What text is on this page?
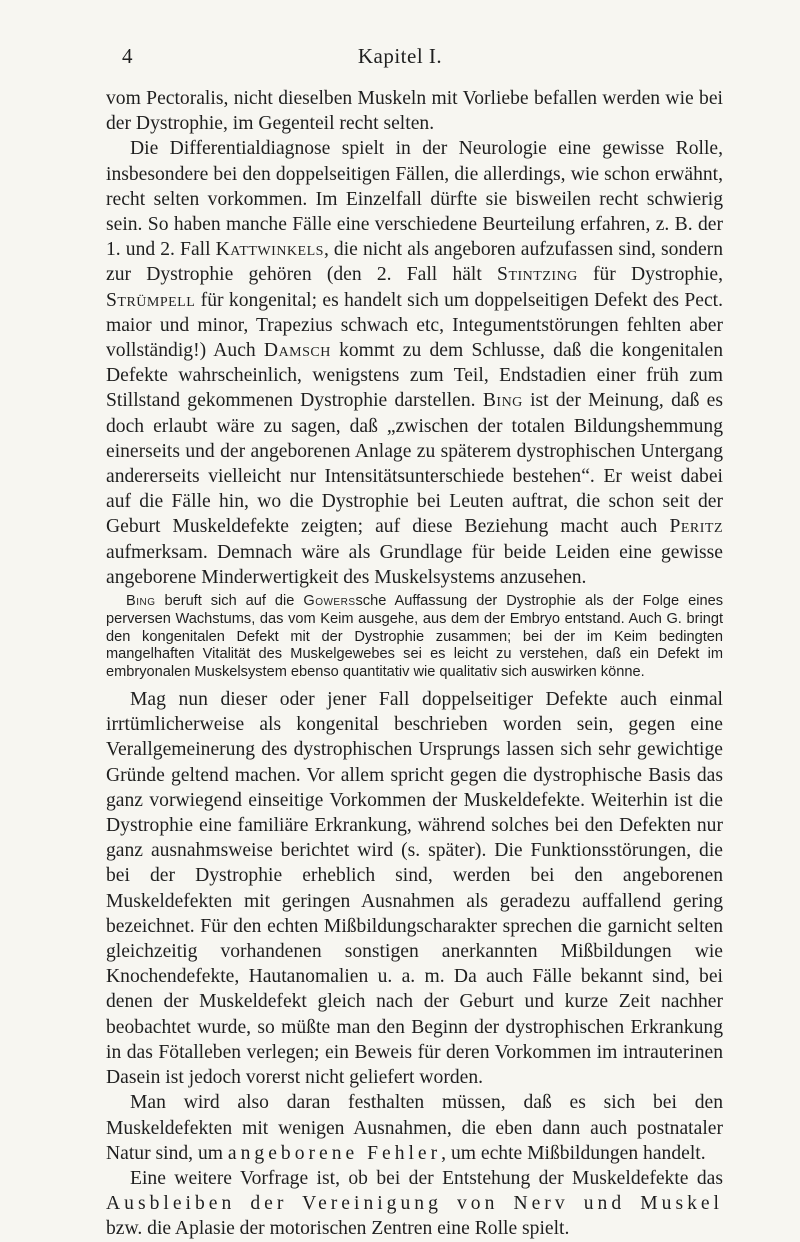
4	Kapitel I.

vom Pectoralis, nicht dieselben Muskeln mit Vorliebe befallen werden wie bei der Dystrophie, im Gegenteil recht selten.

Die Differentialdiagnose spielt in der Neurologie eine gewisse Rolle, insbesondere bei den doppelseitigen Fällen, die allerdings, wie schon erwähnt, recht selten vorkommen. Im Einzelfall dürfte sie bisweilen recht schwierig sein. So haben manche Fälle eine verschiedene Beurteilung erfahren, z. B. der 1. und 2. Fall Kattwinkels, die nicht als angeboren aufzufassen sind, sondern zur Dystrophie gehören (den 2. Fall hält Stintzing für Dystrophie, Strümpell für kongenital; es handelt sich um doppelseitigen Defekt des Pect. maior und minor, Trapezius schwach etc, Integumentstörungen fehlten aber vollständig!) Auch Damsch kommt zu dem Schlusse, daß die kongenitalen Defekte wahrscheinlich, wenigstens zum Teil, Endstadien einer früh zum Stillstand gekommenen Dystrophie darstellen. Bing ist der Meinung, daß es doch erlaubt wäre zu sagen, daß „zwischen der totalen Bildungshemmung einerseits und der angeborenen Anlage zu späterem dystrophischen Untergang andererseits vielleicht nur Intensitätsunterschiede bestehen“. Er weist dabei auf die Fälle hin, wo die Dystrophie bei Leuten auftrat, die schon seit der Geburt Muskeldefekte zeigten; auf diese Beziehung macht auch Peritz aufmerksam. Demnach wäre als Grundlage für beide Leiden eine gewisse angeborene Minderwertigkeit des Muskelsystems anzusehen.

Bing beruft sich auf die Gowerssche Auffassung der Dystrophie als der Folge eines perversen Wachstums, das vom Keim ausgehe, aus dem der Embryo entstand. Auch G. bringt den kongenitalen Defekt mit der Dystrophie zusammen; bei der im Keim bedingten mangelhaften Vitalität des Muskelgewebes sei es leicht zu verstehen, daß ein Defekt im embryonalen Muskelsystem ebenso quantitativ wie qualitativ sich auswirken könne.

Mag nun dieser oder jener Fall doppelseitiger Defekte auch einmal irrtümlicherweise als kongenital beschrieben worden sein, gegen eine Verallgemeinerung des dystrophischen Ursprungs lassen sich sehr gewichtige Gründe geltend machen. Vor allem spricht gegen die dystrophische Basis das ganz vorwiegend einseitige Vorkommen der Muskeldefekte. Weiterhin ist die Dystrophie eine familiäre Erkrankung, während solches bei den Defekten nur ganz ausnahmsweise berichtet wird (s. später). Die Funktionsstörungen, die bei der Dystrophie erheblich sind, werden bei den angeborenen Muskeldefekten mit geringen Ausnahmen als geradezu auffallend gering bezeichnet. Für den echten Mißbildungscharakter sprechen die garnicht selten gleichzeitig vorhandenen sonstigen anerkannten Mißbildungen wie Knochendefekte, Hautanomalien u. a. m. Da auch Fälle bekannt sind, bei denen der Muskeldefekt gleich nach der Geburt und kurze Zeit nachher beobachtet wurde, so müßte man den Beginn der dystrophischen Erkrankung in das Fötalleben verlegen; ein Beweis für deren Vorkommen im intrauterinen Dasein ist jedoch vorerst nicht geliefert worden.

Man wird also daran festhalten müssen, daß es sich bei den Muskeldefekten mit wenigen Ausnahmen, die eben dann auch postnataler Natur sind, um angeborene Fehler, um echte Mißbildungen handelt.

Eine weitere Vorfrage ist, ob bei der Entstehung der Muskeldefekte das Ausbleiben der Vereinigung von Nerv und Muskel bzw. die Aplasie der motorischen Zentren eine Rolle spielt.
